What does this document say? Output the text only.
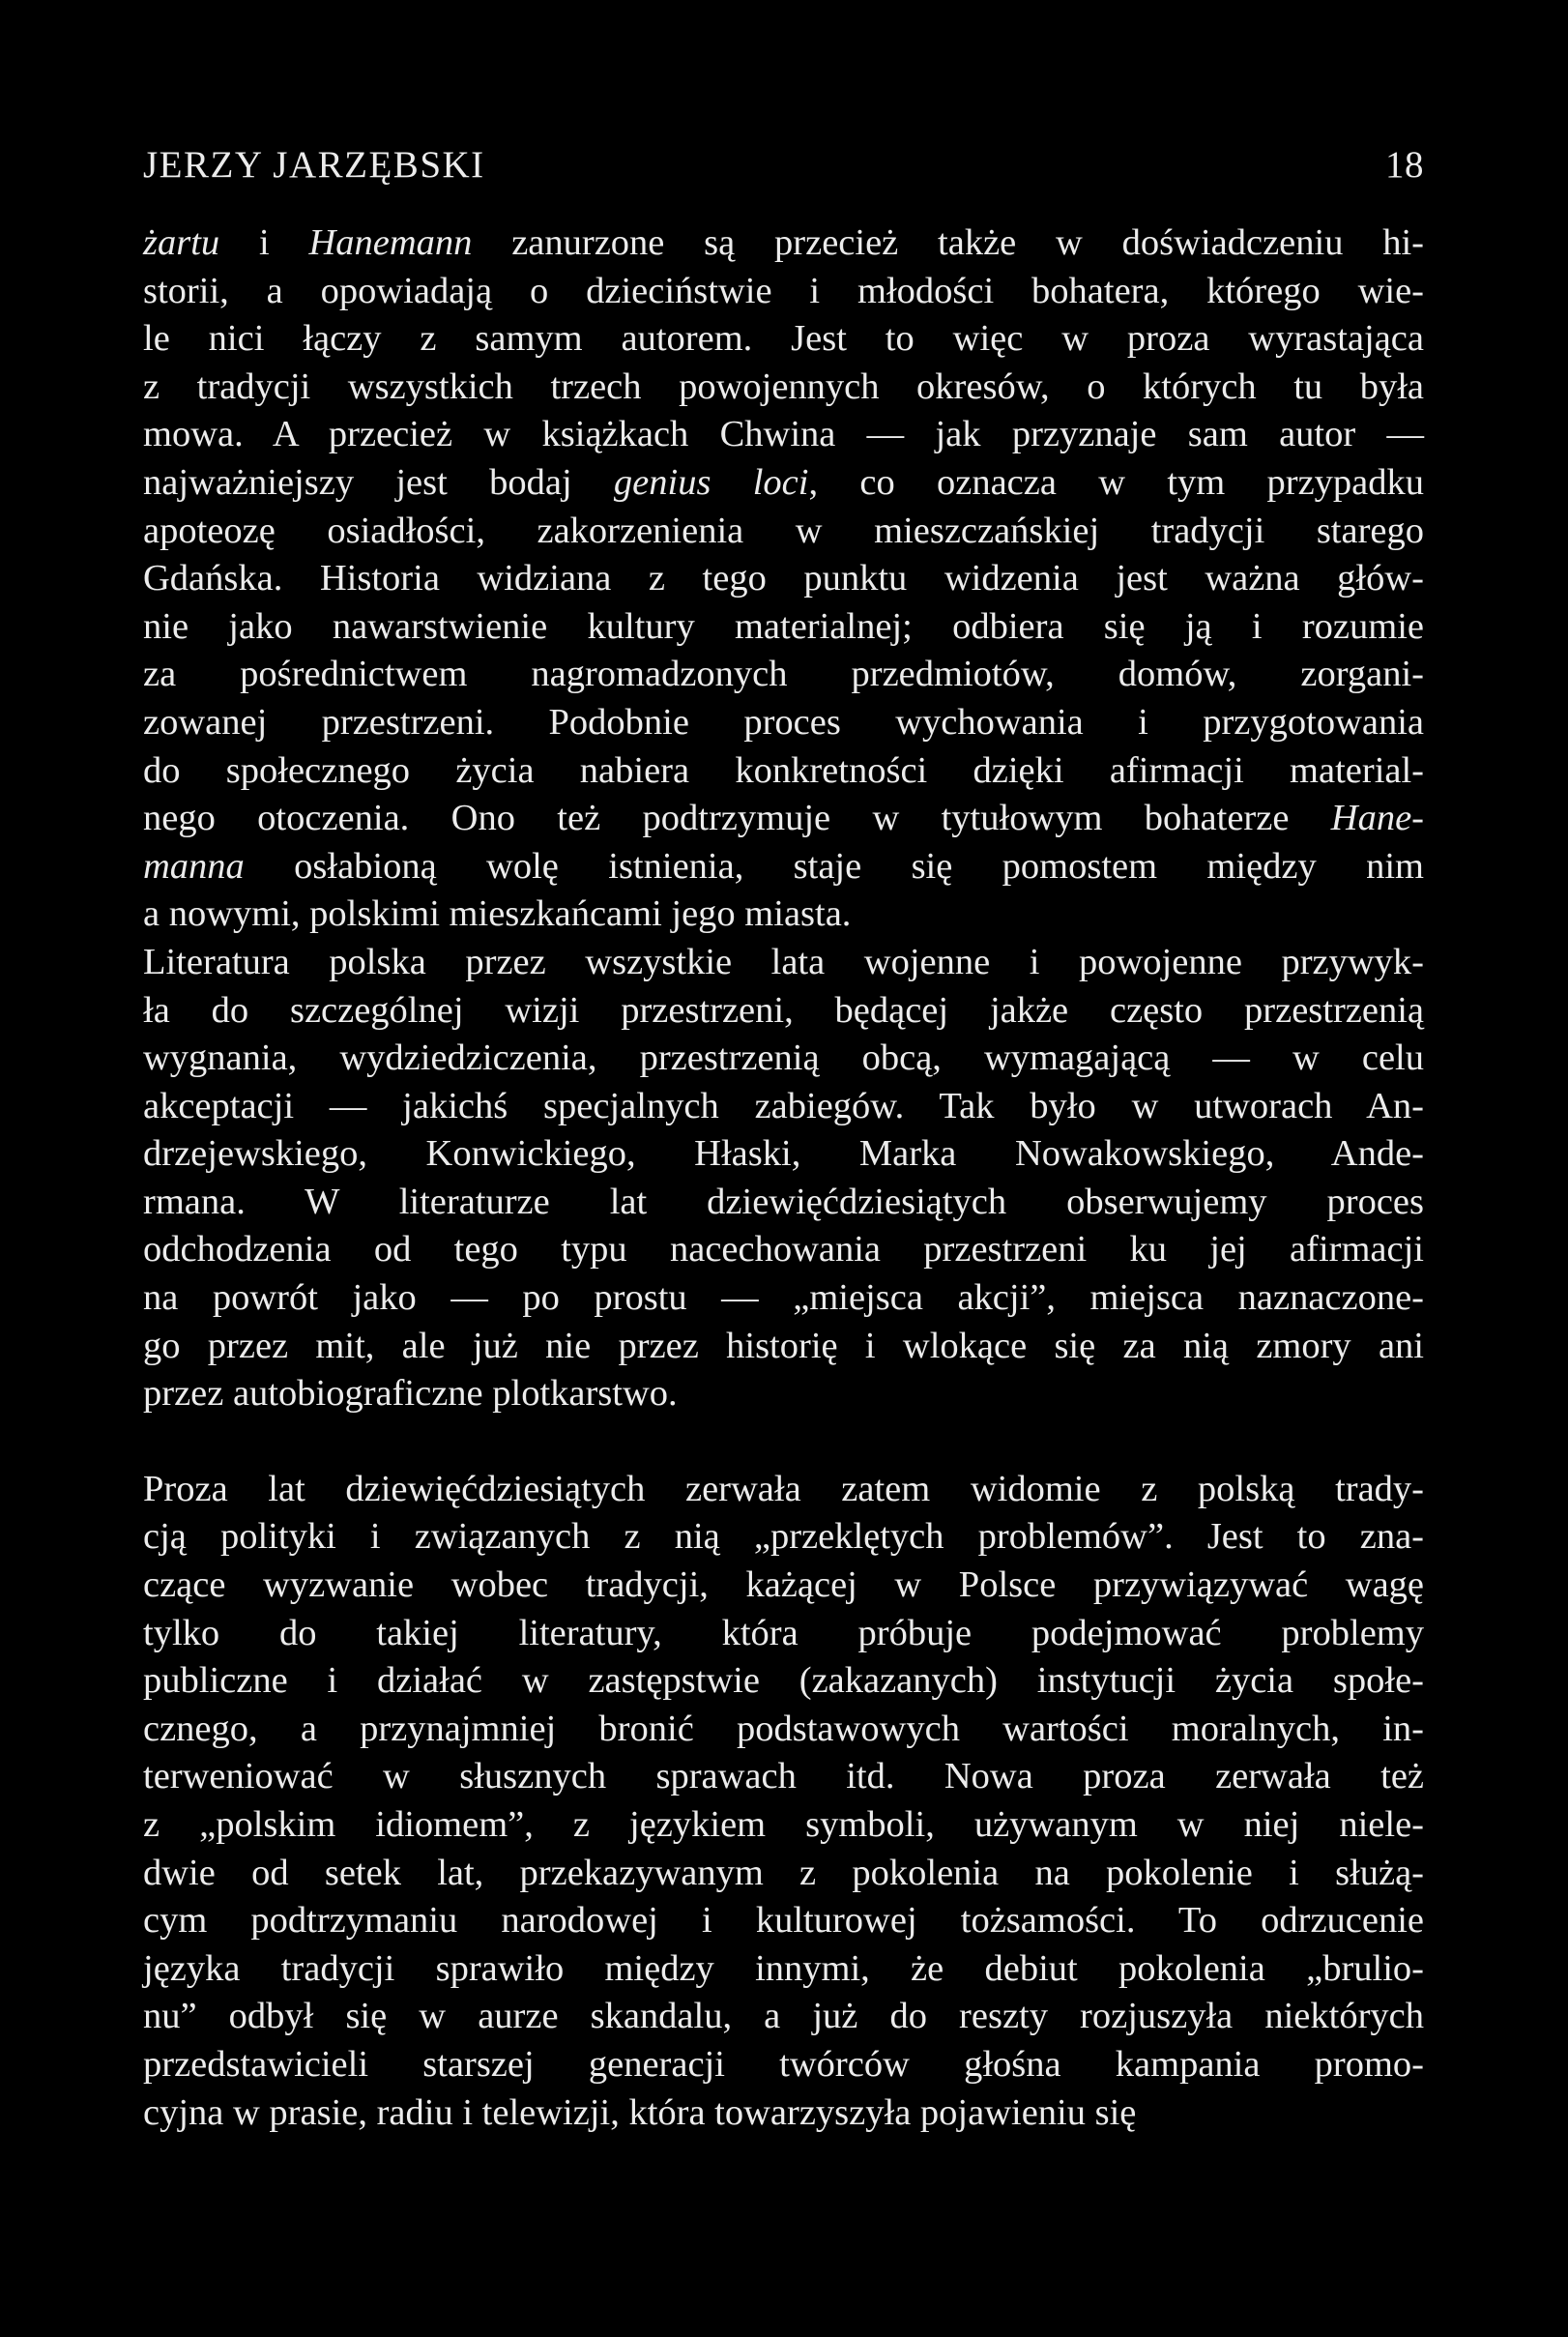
JERZY JARZĘBSKI	18
żartu i Hanemann zanurzone są przecież także w doświadczeniu hi-
storii, a opowiadają o dzieciństwie i młodości bohatera, którego wie-
le nici łączy z samym autorem. Jest to więc w proza wyrastająca
z tradycji wszystkich trzech powojennych okresów, o których tu była
mowa. A przecież w książkach Chwina — jak przyznaje sam autor —
najważniejszy jest bodaj genius loci, co oznacza w tym przypadku
apoteozę osiadłości, zakorzenienia w mieszczańskiej tradycji starego
Gdańska. Historia widziana z tego punktu widzenia jest ważna głów-
nie jako nawarstwienie kultury materialnej; odbiera się ją i rozumie
za pośrednictwem nagromadzonych przedmiotów, domów, zorgani-
zowanej przestrzeni. Podobnie proces wychowania i przygotowania
do społecznego życia nabiera konkretności dzięki afirmacji material-
nego otoczenia. Ono też podtrzymuje w tytułowym bohaterze Hane-
manna osłabioną wolę istnienia, staje się pomostem między nim
a nowymi, polskimi mieszkańcami jego miasta.
Literatura polska przez wszystkie lata wojenne i powojenne przywyk-
ła do szczególnej wizji przestrzeni, będącej jakże często przestrzenią
wygnania, wydziedziczenia, przestrzenią obcą, wymagającą — w celu
akceptacji — jakichś specjalnych zabiegów. Tak było w utworach An-
drzejewskiego, Konwickiego, Hłaski, Marka Nowakowskiego, Ande-
rmana. W literaturze lat dziewięćdziesiątych obserwujemy proces
odchodzenia od tego typu nacechowania przestrzeni ku jej afirmacji
na powrót jako — po prostu — „miejsca akcji”, miejsca naznaczone-
go przez mit, ale już nie przez historię i wlokące się za nią zmory ani
przez autobiograficzne plotkarstwo.
Proza lat dziewięćdziesiątych zerwała zatem widomie z polską trady-
cją polityki i związanych z nią „przeklętych problemów”. Jest to zna-
czące wyzwanie wobec tradycji, każącej w Polsce przywiązywać wagę
tylko do takiej literatury, która próbuje podejmować problemy
publiczne i działać w zastępstwie (zakazanych) instytucji życia społe-
cznego, a przynajmniej bronić podstawowych wartości moralnych, in-
terweniować w słusznych sprawach itd. Nowa proza zerwała też
z „polskim idiomem”, z językiem symboli, używanym w niej niele-
dwie od setek lat, przekazywanym z pokolenia na pokolenie i służą-
cym podtrzymaniu narodowej i kulturowej tożsamości. To odrzucenie
języka tradycji sprawiło między innymi, że debiut pokolenia „brulio-
nu” odbył się w aurze skandalu, a już do reszty rozjuszyła niektórych
przedstawicieli starszej generacji twórców głośna kampania promo-
cyjna w prasie, radiu i telewizji, która towarzyszyła pojawieniu się
